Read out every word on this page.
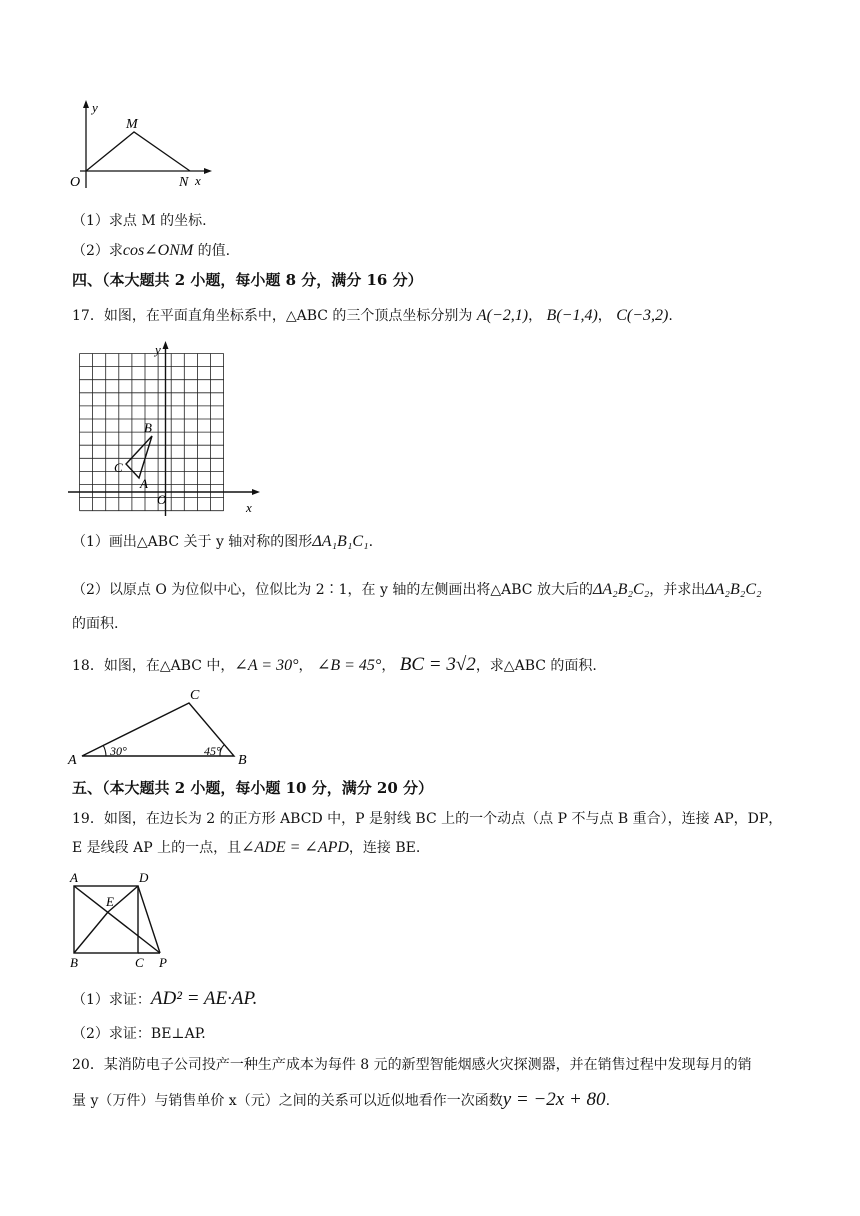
y
M
O	N x
（1）求点 M 的坐标.
（2）求cos∠ONM 的值.
四、（本大题共 2 小题，每小题 8 分，满分 16 分）
17．如图，在平面直角坐标系中，△ABC 的三个顶点坐标分别为 A(−2,1)， B(−1,4)， C(−3,2).
y
B
C
A
O
x
（1）画出△ABC 关于 y 轴对称的图形ΔA₁B₁C₁.
（2）以原点 O 为位似中心，位似比为 2∶1，在 y 轴的左侧画出将△ABC 放大后的ΔA₂B₂C₂，并求出ΔA₂B₂C₂
的面积.
18．如图，在△ABC 中，∠A = 30°， ∠B = 45°， BC = 3√2，求△ABC 的面积.
C
A	B
30°	45°
五、（本大题共 2 小题，每小题 10 分，满分 20 分）
19．如图，在边长为 2 的正方形 ABCD 中，P 是射线 BC 上的一个动点（点 P 不与点 B 重合），连接 AP，DP，
E 是线段 AP 上的一点，且∠ADE = ∠APD，连接 BE.
A	D
E
B	C P
（1）求证：AD² = AE·AP.
（2）求证：BE⊥AP.
20．某消防电子公司投产一种生产成本为每件 8 元的新型智能烟感火灾探测器，并在销售过程中发现每月的销
量 y（万件）与销售单价 x（元）之间的关系可以近似地看作一次函数y = −2x + 80.
